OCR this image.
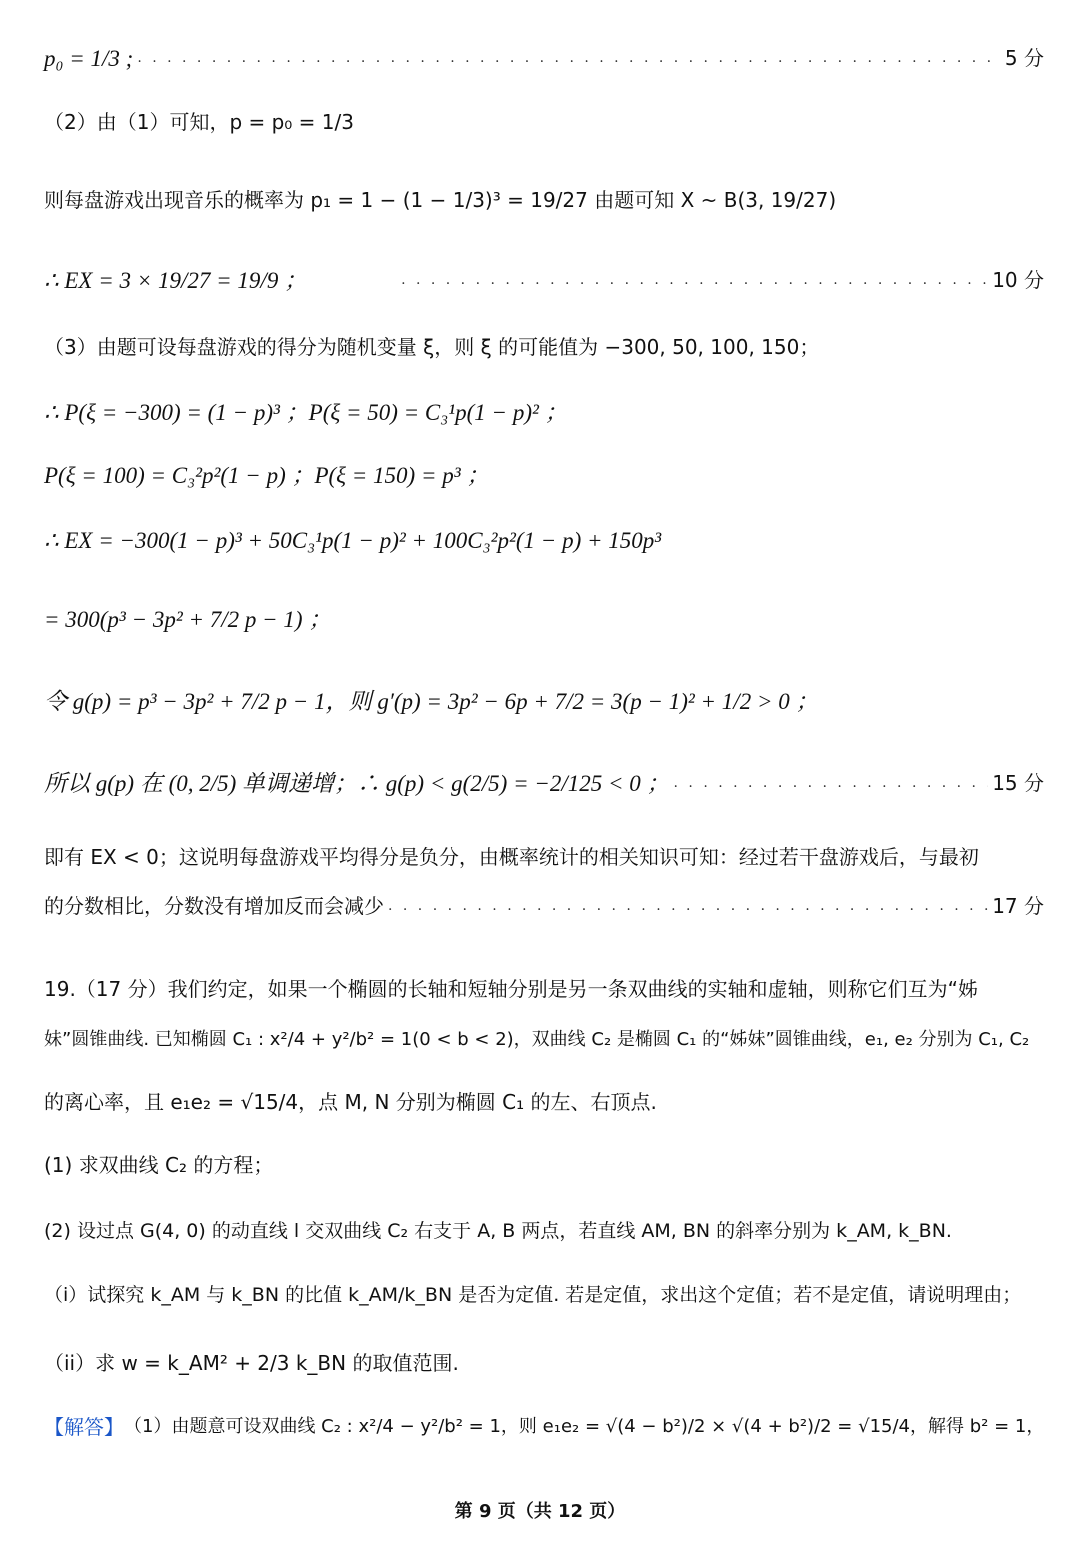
p₀ = 1/3 ; . . .	5 分
（2）由（1）可知，p = p₀ = 1/3
则每盘游戏出现音乐的概率为 p₁ = 1 − (1 − 1/3)³ = 19/27 由题可知 X ~ B(3, 19/27)
∴ EX = 3 × 19/27 = 19/9 ； . . .	10 分
（3）由题可设每盘游戏的得分为随机变量 ξ，则 ξ 的可能值为 −300, 50, 100, 150；
∴ P(ξ = −300) = (1 − p)³ ；P(ξ = 50) = C₃¹p(1 − p)² ；
P(ξ = 100) = C₃²p²(1 − p) ；P(ξ = 150) = p³ ；
∴ EX = −300(1 − p)³ + 50C₃¹p(1 − p)² + 100C₃²p²(1 − p) + 150p³
= 300(p³ − 3p² + 7/2 p − 1) ；
令 g(p) = p³ − 3p² + 7/2 p − 1，则 g′(p) = 3p² − 6p + 7/2 = 3(p − 1)² + 1/2 > 0 ；
所以 g(p) 在 (0, 2/5) 单调递增；∴ g(p) < g(2/5) = −2/125 < 0 ； . . .	15 分
即有 EX < 0；这说明每盘游戏平均得分是负分，由概率统计的相关知识可知：经过若干盘游戏后，与最初
的分数相比，分数没有增加反而会减少 . . .	17 分
19.（17 分）我们约定，如果一个椭圆的长轴和短轴分别是另一条双曲线的实轴和虚轴，则称它们互为“姊
妹”圆锥曲线. 已知椭圆 C₁ : x²/4 + y²/b² = 1(0 < b < 2)，双曲线 C₂ 是椭圆 C₁ 的“姊妹”圆锥曲线，e₁, e₂ 分别为 C₁, C₂
的离心率，且 e₁e₂ = √15/4，点 M, N 分别为椭圆 C₁ 的左、右顶点.
(1) 求双曲线 C₂ 的方程；
(2) 设过点 G(4, 0) 的动直线 l 交双曲线 C₂ 右支于 A, B 两点，若直线 AM, BN 的斜率分别为 k_AM, k_BN.
（i）试探究 k_AM 与 k_BN 的比值 k_AM/k_BN 是否为定值. 若是定值，求出这个定值；若不是定值，请说明理由；
（ii）求 w = k_AM² + 2/3 k_BN 的取值范围.
【解答】 （1）由题意可设双曲线 C₂ : x²/4 − y²/b² = 1，则 e₁e₂ = √(4 − b²)/2 × √(4 + b²)/2 = √15/4，解得 b² = 1，
第 9 页（共 12 页）
